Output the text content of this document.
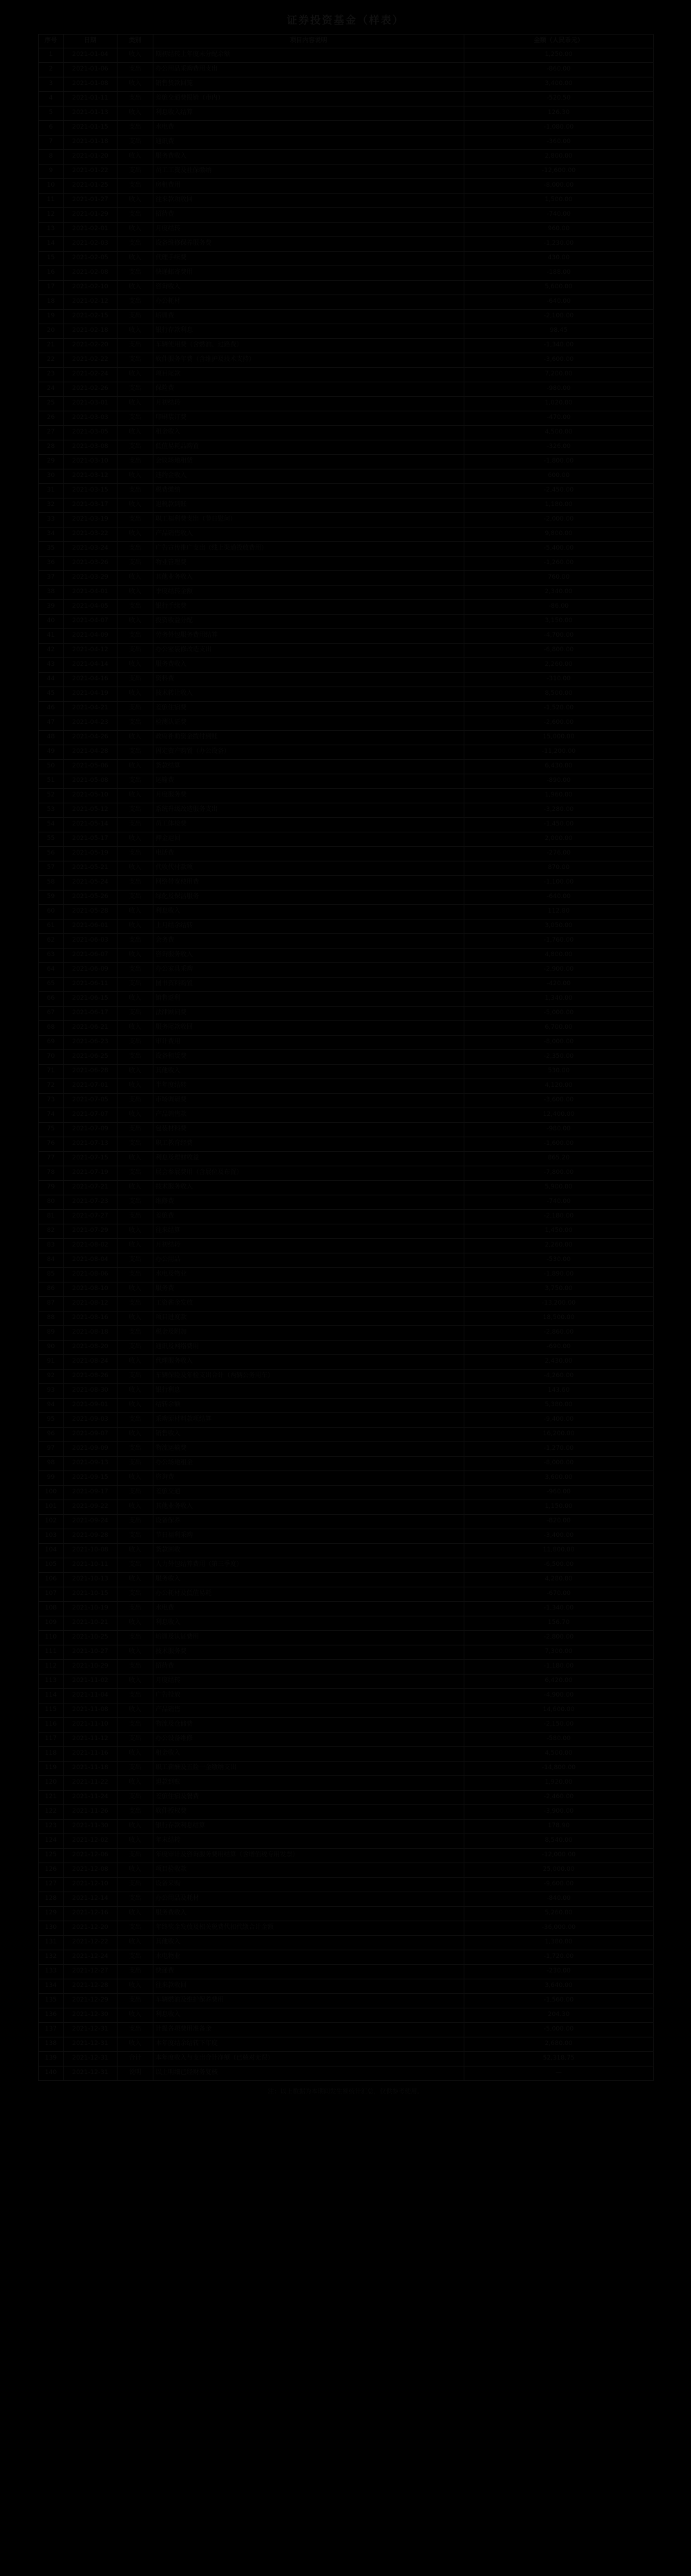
证券投资基金（样表）
序号	日期	类别	项目内容说明	金额（人民币元）
1	2021-01-04	收入	期初结转上年度未分配余额	1,250.00
2	2021-01-06	支出	办公用品采购费用支出	-860.00
3	2021-01-08	收入	销售货款回笼	3,400.00
4	2021-01-11	支出	差旅交通费报销（市内）	-520.50
5	2021-01-13	收入	利息收入结算	126.30
6	2021-01-15	支出	水电费	-1,080.00
7	2021-01-18	支出	通讯费	-360.00
8	2021-01-20	收入	服务费收入	2,800.00
9	2021-01-22	支出	员工工资及社保缴纳	-12,600.00
10	2021-01-25	支出	房租费用	-8,000.00
11	2021-01-27	收入	往来款项收回	1,500.00
12	2021-01-29	支出	招待费	-740.00
13	2021-02-01	收入	月度结转	960.00
14	2021-02-03	支出	设备维修保养服务费	-1,230.00
15	2021-02-05	收入	代理手续费	430.00
16	2021-02-08	支出	快递邮寄费用	-188.00
17	2021-02-10	收入	咨询收入	5,600.00
18	2021-02-12	支出	办公耗材	-640.00
19	2021-02-15	支出	培训费	-2,100.00
20	2021-02-18	收入	银行存款利息	98.45
21	2021-02-20	支出	车辆使用费（含燃油、过路费）	-1,340.00
22	2021-02-22	支出	软件服务年费（含维护及技术支持）	-3,600.00
23	2021-02-24	收入	项目尾款	7,200.00
24	2021-02-26	支出	保险费	-980.00
25	2021-03-01	收入	月初结转	1,020.00
26	2021-03-03	支出	印刷装订费	-470.00
27	2021-03-05	收入	租金收入	4,500.00
28	2021-03-08	支出	低值易耗品购置	-326.00
29	2021-03-10	支出	会议场地租赁	-1,800.00
30	2021-03-12	收入	违约金收入	600.00
31	2021-03-15	支出	税费缴纳	-2,450.00
32	2021-03-17	收入	退税款到账	1,180.00
33	2021-03-19	支出	职工福利费支出（节日慰问）	-2,000.00
34	2021-03-22	收入	产品销售收入	9,800.00
35	2021-03-24	支出	广告宣传推广支出（线上渠道投放费用）	-5,400.00
36	2021-03-26	支出	物业管理费	-1,260.00
37	2021-03-29	收入	其他业务收入	760.00
38	2021-04-01	收入	季度结转金额	2,340.00
39	2021-04-05	支出	银行手续费	-86.00
40	2021-04-07	收入	投资收益分配	3,150.00
41	2021-04-09	支出	劳务外包服务费用结算	-4,700.00
42	2021-04-12	支出	办公室装修改造支出	-6,800.00
43	2021-04-14	收入	服务费收入	2,260.00
44	2021-04-16	支出	资料费	-310.00
45	2021-04-19	收入	技术转让收入	8,500.00
46	2021-04-21	支出	差旅住宿费	-1,520.00
47	2021-04-23	支出	检测认证费	-2,600.00
48	2021-04-26	收入	政府补助资金拨付到账	15,000.00
49	2021-04-28	支出	固定资产购置（办公设备）	-11,200.00
50	2021-05-06	收入	货款结算	6,430.00
51	2021-05-08	支出	运输费	-890.00
52	2021-05-10	收入	月度服务费	1,960.00
53	2021-05-12	支出	系统升级改造服务支出	-3,280.00
54	2021-05-14	支出	员工体检费	-1,450.00
55	2021-05-17	收入	押金退回	2,000.00
56	2021-05-19	支出	电话费	-276.00
57	2021-05-21	收入	代收代付款项	870.00
58	2021-05-24	支出	网络带宽使用费	-1,100.00
59	2021-05-26	支出	绿化及保洁服务	-640.00
60	2021-05-28	收入	利息收入	112.80
61	2021-06-01	收入	上月结余结转	3,050.00
62	2021-06-03	支出	会务费	-1,760.00
63	2021-06-07	收入	咨询服务收入	4,800.00
64	2021-06-09	支出	办公家具采购	-2,900.00
65	2021-06-11	支出	图书资料购置	-420.00
66	2021-06-15	收入	销售返利	1,340.00
67	2021-06-17	支出	法律顾问费	-5,000.00
68	2021-06-21	收入	服务尾款收回	6,700.00
69	2021-06-23	支出	审计费用	-8,000.00
70	2021-06-25	支出	设备租赁费	-2,350.00
71	2021-06-28	收入	其他收入	530.00
72	2021-07-01	收入	半年度结转	4,120.00
73	2021-07-05	支出	市场调研费	-3,600.00
74	2021-07-07	收入	产品销售款	12,400.00
75	2021-07-09	支出	包装材料费	-980.00
76	2021-07-13	支出	职工教育经费	-1,600.00
77	2021-07-15	收入	利息及理财收益	865.20
78	2021-07-19	支出	展会参展费用（含展位及布置）	-7,800.00
79	2021-07-21	收入	技术服务收入	5,900.00
80	2021-07-23	支出	维修费	-740.00
81	2021-07-27	支出	差旅费	-2,180.00
82	2021-07-29	收入	往来结算	1,450.00
83	2021-08-02	收入	月初结转	2,260.00
84	2021-08-04	支出	办公用品	-530.00
85	2021-08-06	支出	水电及物业	-1,890.00
86	2021-08-10	收入	服务费	3,750.00
87	2021-08-12	支出	工资薪金发放	-13,200.00
88	2021-08-16	收入	项目进度款	18,500.00
89	2021-08-18	支出	税金及附加	-2,860.00
90	2021-08-20	支出	通讯及网络费用	-690.00
91	2021-08-24	收入	代理服务收入	2,430.00
92	2021-08-26	支出	车辆保险及年检支出合计（两辆公务用车）	-4,260.00
93	2021-08-30	收入	银行利息	143.60
94	2021-09-01	收入	结转余额	5,380.00
95	2021-09-03	支出	采购原材料款项结算	-9,400.00
96	2021-09-07	收入	销售收入	16,200.00
97	2021-09-09	支出	物流运输费	-1,270.00
98	2021-09-13	支出	办公场地租金	-8,000.00
99	2021-09-15	收入	咨询费	3,600.00
100	2021-09-17	支出	差旅交通	-960.00
101	2021-09-22	收入	其他业务收入	1,150.00
102	2021-09-24	支出	设备保养	-820.00
103	2021-09-28	支出	节日福利采购	-3,400.00
104	2021-10-08	收入	货款回收	11,800.00
105	2021-10-11	支出	人力外包结算费用（第三季度）	-6,500.00
106	2021-10-13	收入	服务收入	4,280.00
107	2021-10-15	支出	办公耗材及低值易耗	-670.00
108	2021-10-19	支出	水电费	-1,340.00
109	2021-10-21	收入	利息收入	156.70
110	2021-10-25	支出	培训及认证费用	-2,800.00
111	2021-10-27	收入	技术服务费	7,300.00
112	2021-10-29	支出	招待费	-1,180.00
113	2021-11-02	收入	月度结转	6,420.00
114	2021-11-04	支出	广告投放	-4,900.00
115	2021-11-08	收入	产品销售	14,600.00
116	2021-11-10	支出	物流及仓储费	-2,150.00
117	2021-11-12	支出	办公设备维修	-580.00
118	2021-11-16	收入	租金收入	4,500.00
119	2021-11-18	支出	职工薪酬及五险一金缴纳支出	-14,800.00
120	2021-11-22	收入	退款到账	1,920.00
121	2021-11-24	支出	差旅住宿及餐费	-2,460.00
122	2021-11-26	支出	软件授权费	-3,900.00
123	2021-11-30	收入	银行存款利息结算	178.90
124	2021-12-02	收入	年末结转	8,540.00
125	2021-12-06	支出	年度审计及咨询服务费用结算（含增值税专用发票）	-12,000.00
126	2021-12-08	收入	项目验收款	25,000.00
127	2021-12-10	支出	设备采购	-9,600.00
128	2021-12-14	支出	办公用品及耗材	-840.00
129	2021-12-16	收入	服务费收入	5,260.00
130	2021-12-20	支出	年终奖金发放及相关税费代扣代缴合计金额	-36,000.00
131	2021-12-22	收入	其他收入	1,380.00
132	2021-12-24	支出	水电物业	-1,720.00
133	2021-12-27	支出	快递费	-230.00
134	2021-12-28	收入	往来款收回	3,640.00
135	2021-12-29	支出	车辆燃油及维护保养费用	-1,560.00
136	2021-12-30	收入	利息收入	204.30
137	2021-12-31	支出	计提各项费用准备金	-5,000.00
138	2021-12-31	收入	本年度结余结转下年度	2,680.00
139	2021-12-31	合计	本年度收入与支出合计净额（已核对无误）	52,318.75
140	2021-12-31	说明	以上明细已经财务复核	—
注：以上数据为本期间发生额统计汇总，仅供参考使用。
